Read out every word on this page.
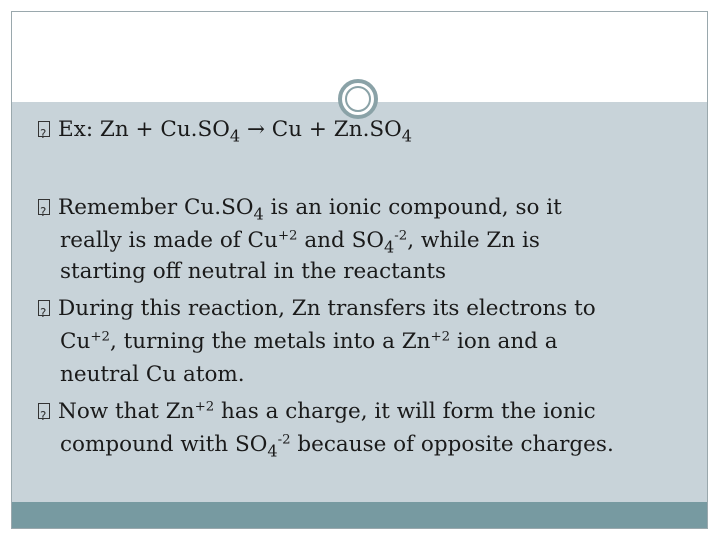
?Ex: $Zn + Cu.SO_4 \to Cu + Zn.SO_4$
?Remember $Cu.SO_4$ is an ionic compound, so it
really is made of $Cu^{+2}$ and $SO_4^{-2}$, while Zn is
starting off neutral in the reactants
?During this reaction, Zn transfers its electrons to
$Cu^{+2}$, turning the metals into a $Zn^{+2}$ ion and a
neutral Cu atom.
?Now that $Zn^{+2}$ has a charge, it will form the ionic
compound with $SO_4^{-2}$ because of opposite charges.
